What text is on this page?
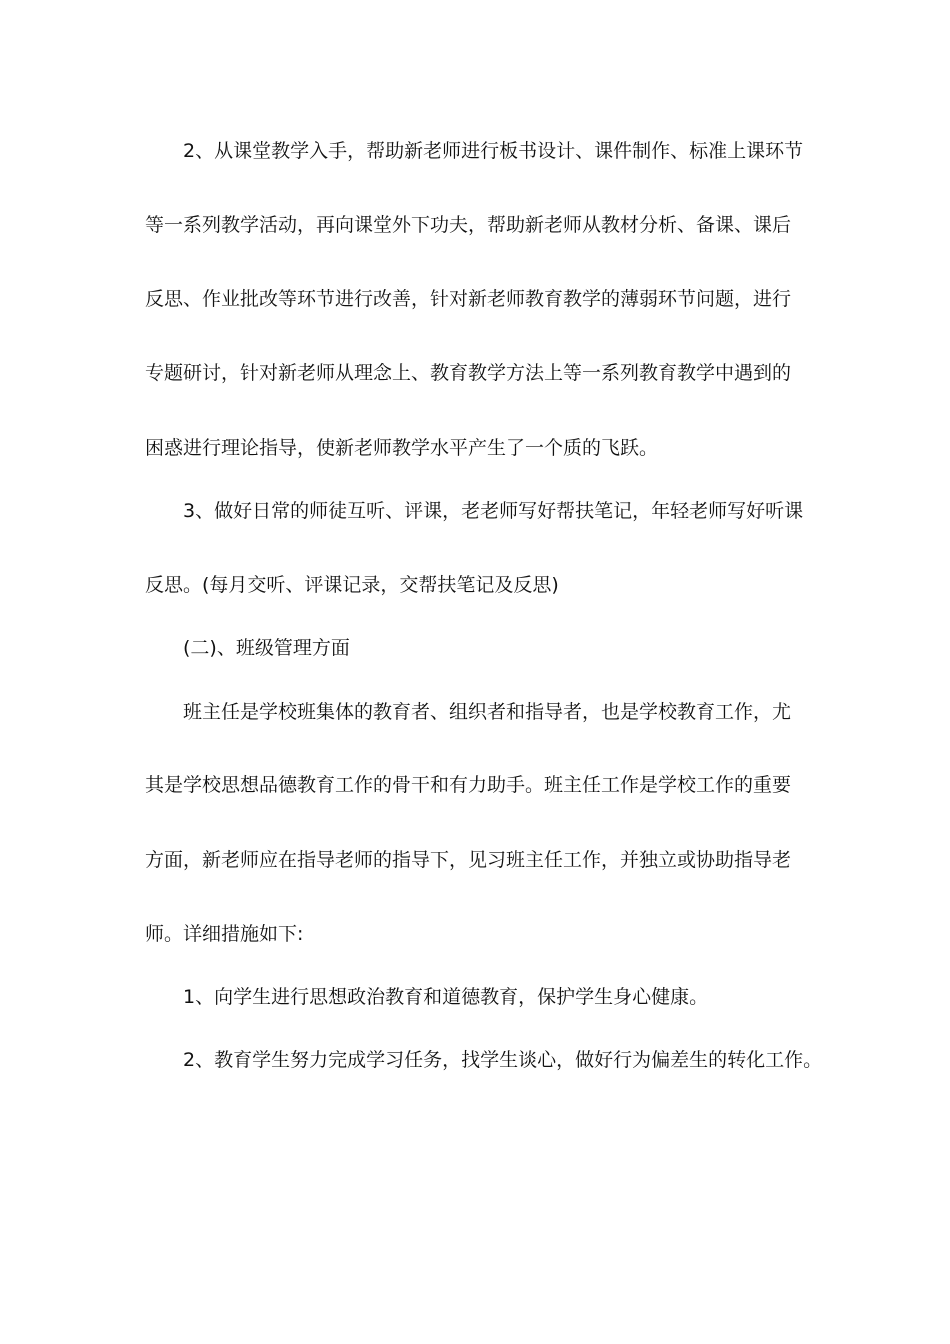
2、从课堂教学入手，帮助新老师进行板书设计、课件制作、标准上课环节
等一系列教学活动，再向课堂外下功夫，帮助新老师从教材分析、备课、课后
反思、作业批改等环节进行改善，针对新老师教育教学的薄弱环节问题，进行
专题研讨，针对新老师从理念上、教育教学方法上等一系列教育教学中遇到的
困惑进行理论指导，使新老师教学水平产生了一个质的飞跃。
3、做好日常的师徒互听、评课，老老师写好帮扶笔记，年轻老师写好听课
反思。(每月交听、评课记录，交帮扶笔记及反思)
(二)、班级管理方面
班主任是学校班集体的教育者、组织者和指导者，也是学校教育工作，尤
其是学校思想品德教育工作的骨干和有力助手。班主任工作是学校工作的重要
方面，新老师应在指导老师的指导下，见习班主任工作，并独立或协助指导老
师。详细措施如下:
1、向学生进行思想政治教育和道德教育，保护学生身心健康。
2、教育学生努力完成学习任务，找学生谈心，做好行为偏差生的转化工作。
